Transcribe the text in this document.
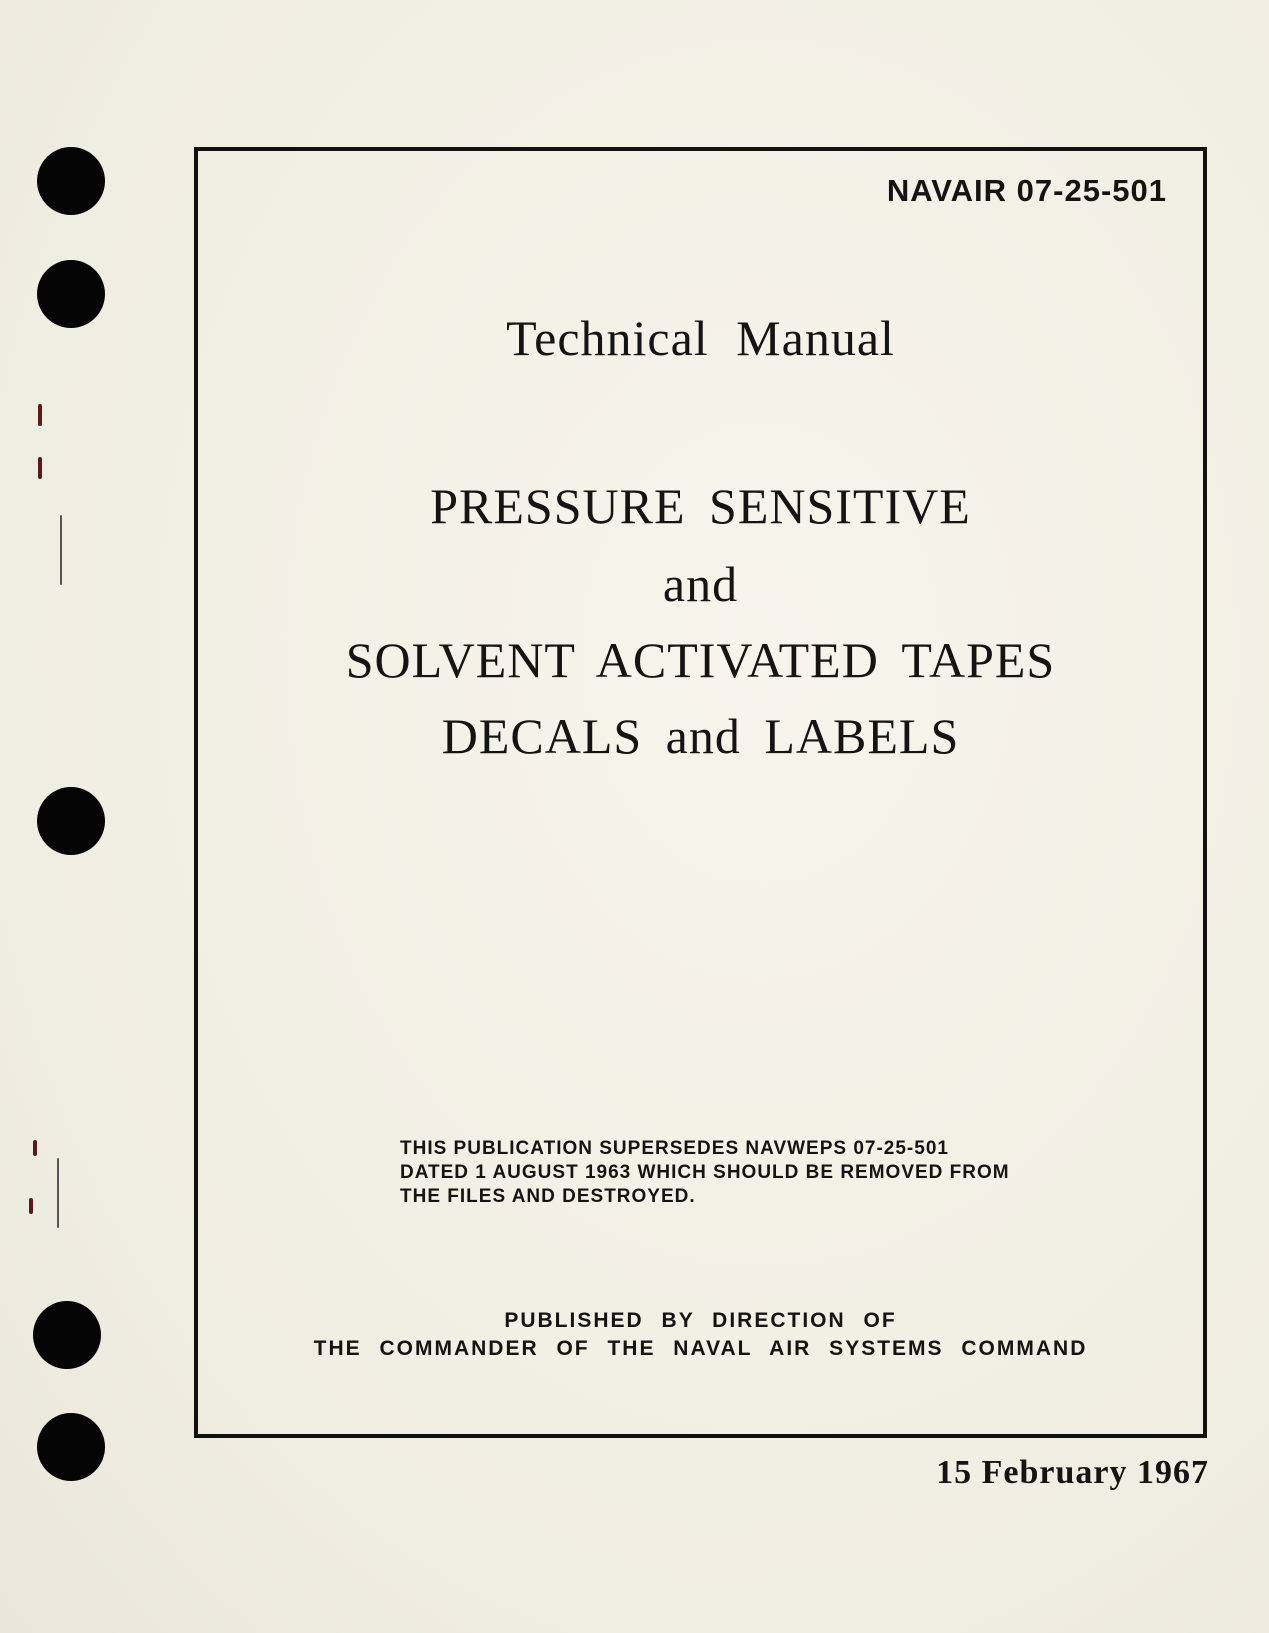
NAVAIR 07-25-501
Technical Manual
PRESSURE SENSITIVE
and
SOLVENT ACTIVATED TAPES
DECALS and LABELS
THIS PUBLICATION SUPERSEDES NAVWEPS 07-25-501
DATED 1 AUGUST 1963 WHICH SHOULD BE REMOVED FROM
THE FILES AND DESTROYED.
PUBLISHED BY DIRECTION OF
THE COMMANDER OF THE NAVAL AIR SYSTEMS COMMAND
15 February 1967
